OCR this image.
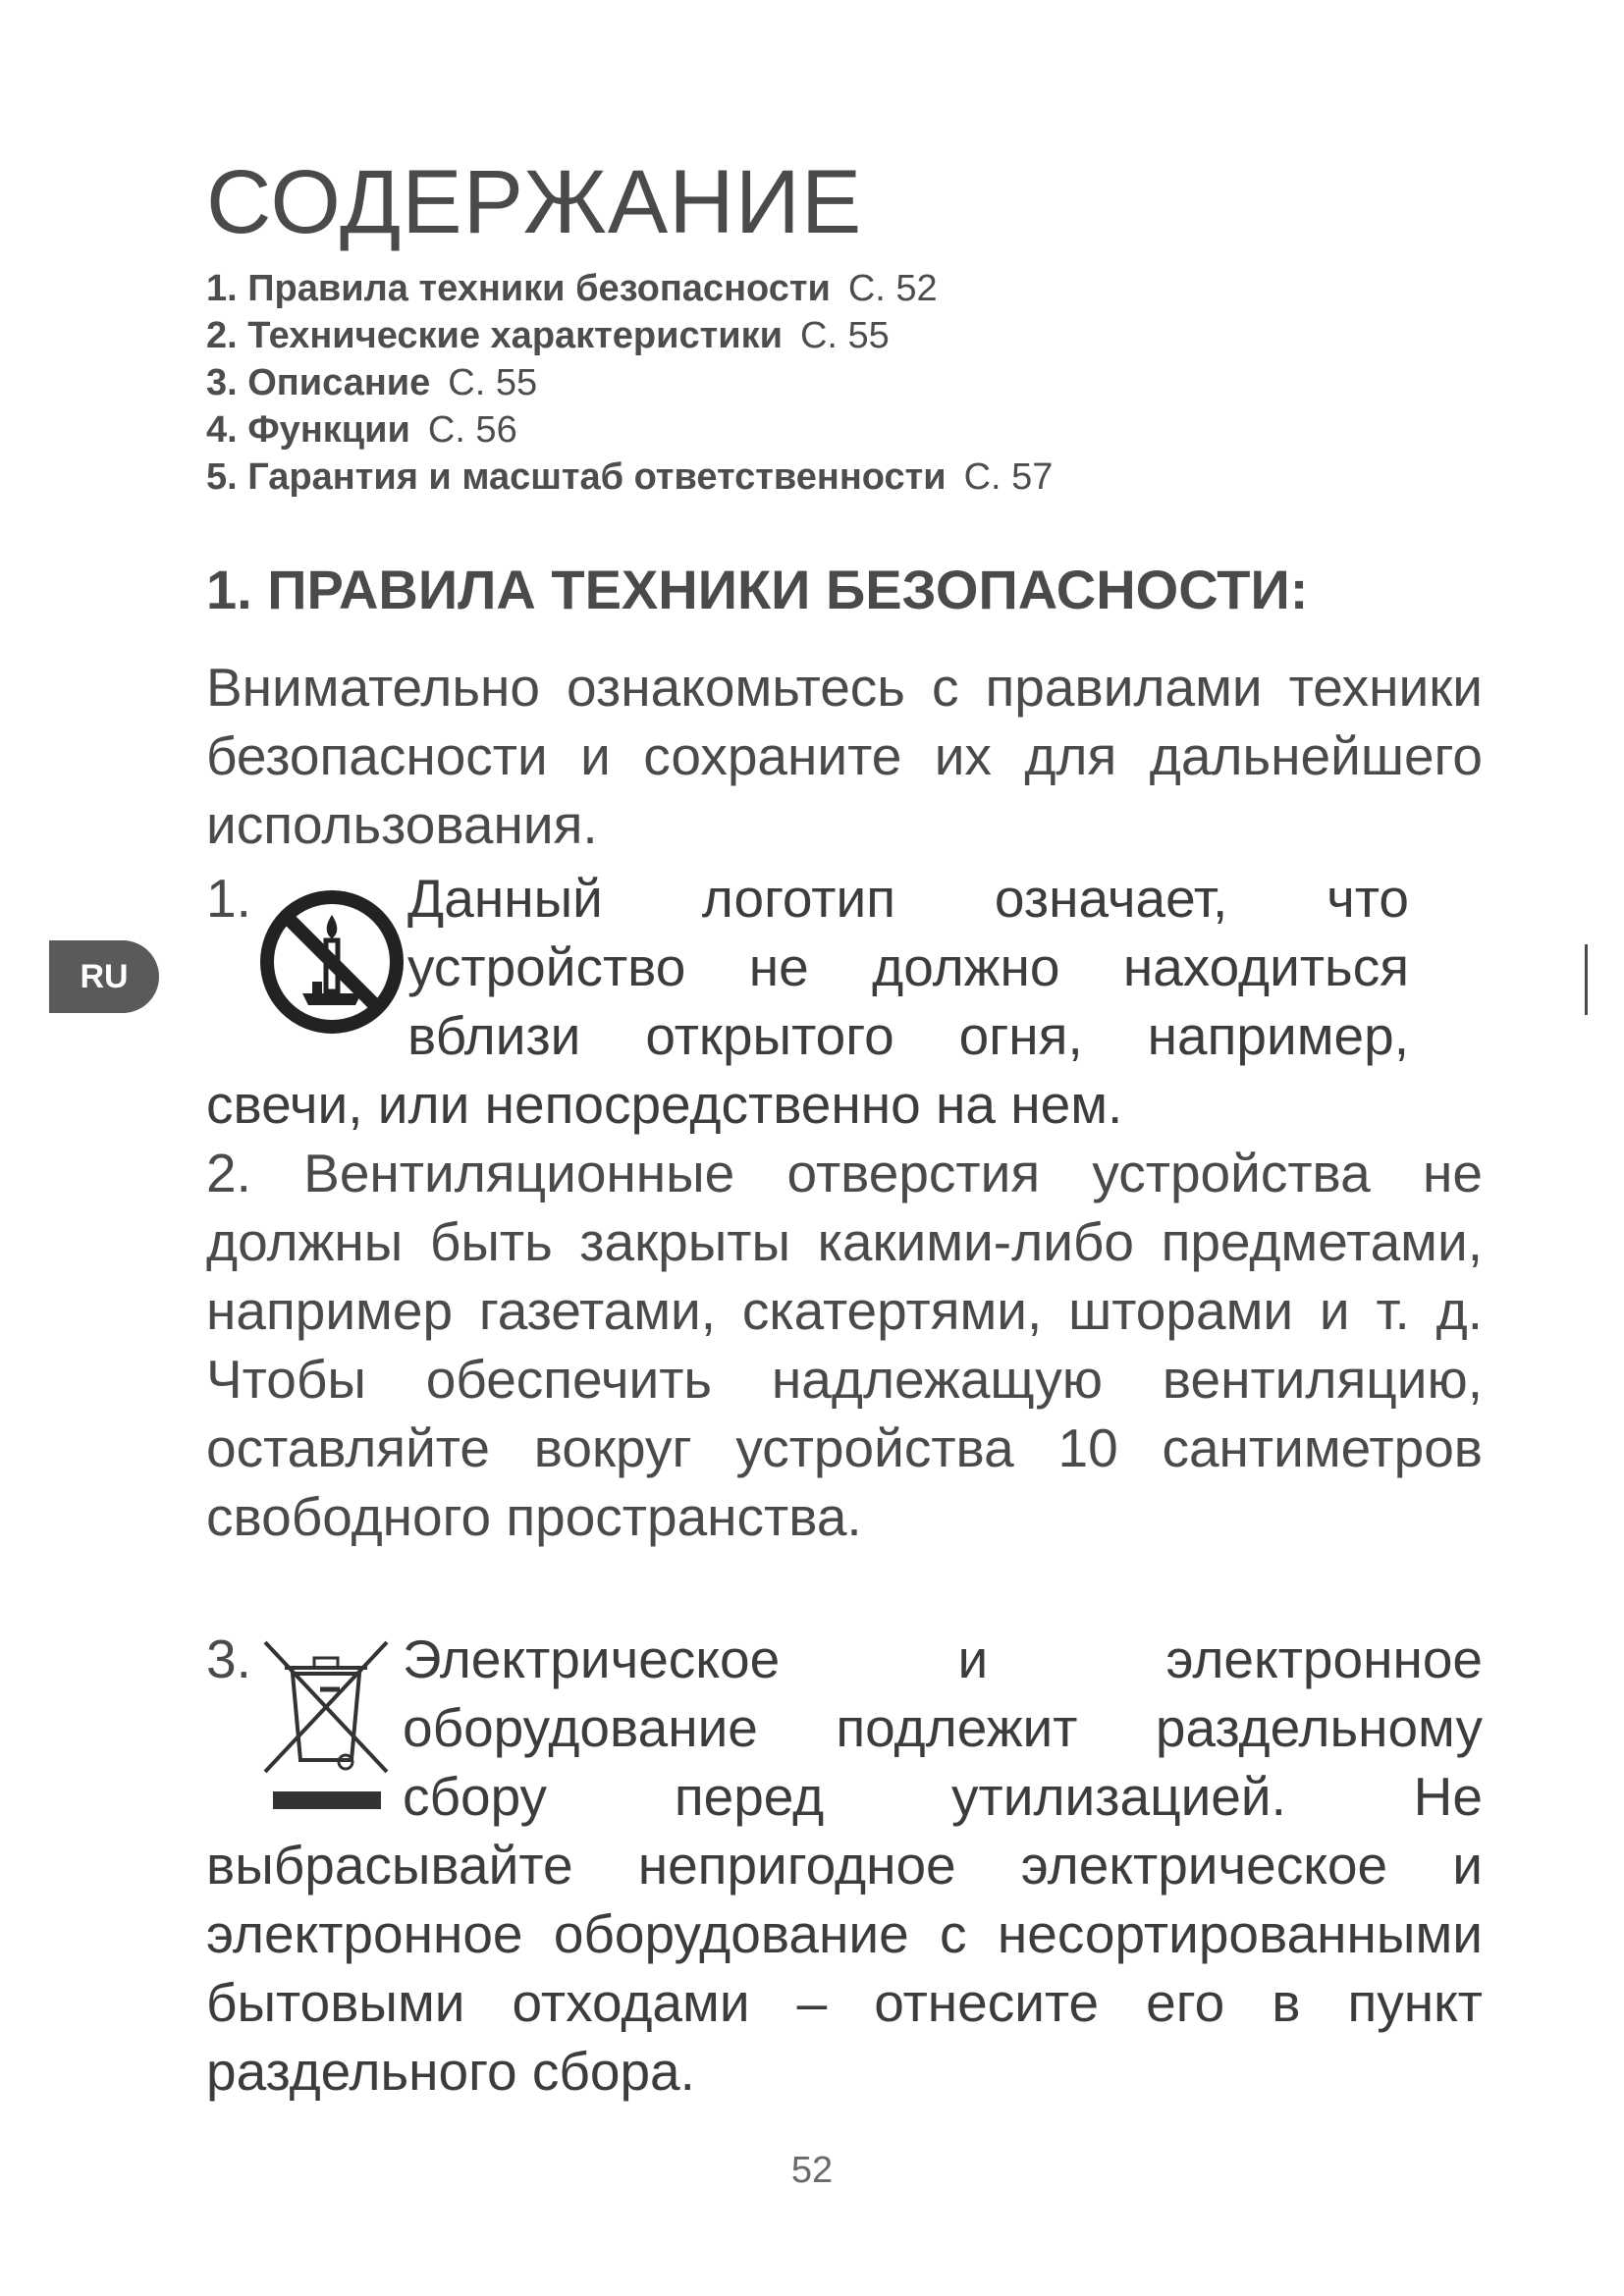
СОДЕРЖАНИЕ
1. Правила техники безопасности С. 52
2. Технические характеристики С. 55
3. Описание С. 55
4. Функции С. 56
5. Гарантия и масштаб ответственности С. 57
1. ПРАВИЛА ТЕХНИКИ БЕЗОПАСНОСТИ:
Внимательно ознакомьтесь с правилами техники безопасности и сохраните их для дальнейшего использования.
RU
1.	Данный логотип означает, что
устройство не должно находиться
вблизи открытого огня, например,
свечи, или непосредственно на нем.
2. Вентиляционные отверстия устройства не должны быть закрыты какими-либо предметами, например газетами, скатертями, шторами и т. д. Чтобы обеспечить надлежащую вентиляцию, оставляйте вокруг устройства 10 сантиметров свободного пространства.
3.	Электрическое и электронное
оборудование подлежит раздельному
сбору перед утилизацией. Не
выбрасывайте непригодное электрическое и электронное оборудование с несортированными бытовыми отходами – отнесите его в пункт раздельного сбора.
52
